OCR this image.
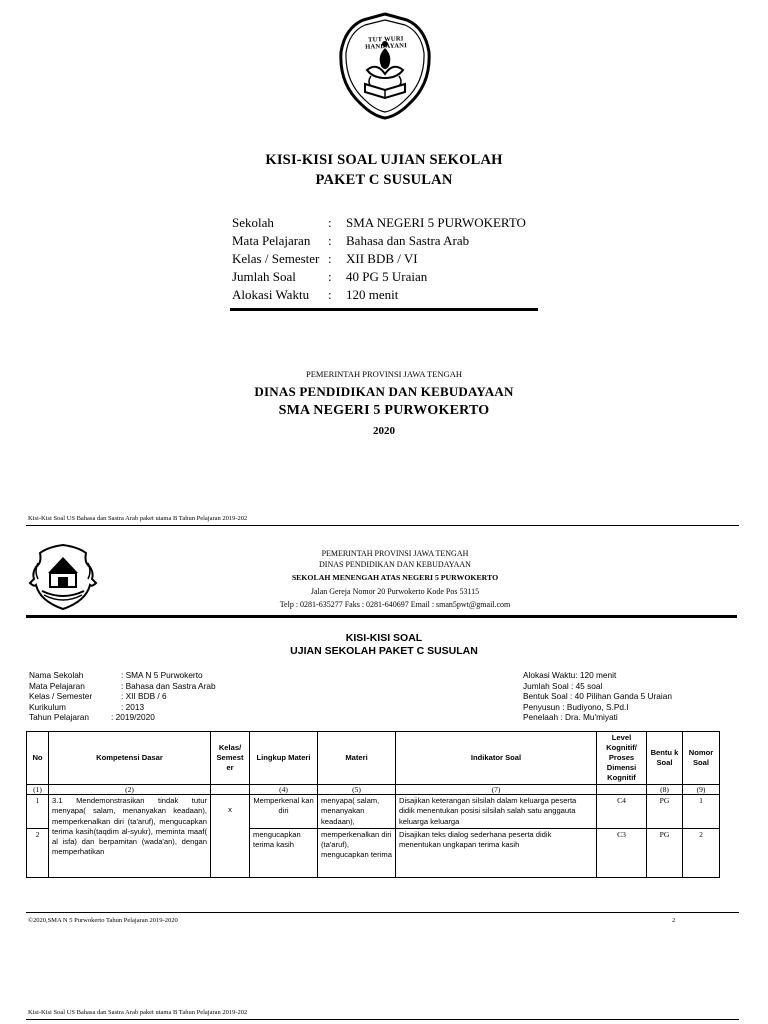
TUT WURI HANDAYANI
KISI-KISI SOAL UJIAN SEKOLAH
PAKET C SUSULAN
Sekolah	: SMA NEGERI 5 PURWOKERTO
Mata Pelajaran : Bahasa dan Sastra Arab
Kelas / Semester : XII BDB / VI
Jumlah Soal : 40 PG 5 Uraian
Alokasi Waktu : 120 menit
PEMERINTAH PROVINSI JAWA TENGAH
DINAS PENDIDIKAN DAN KEBUDAYAAN
SMA NEGERI 5 PURWOKERTO
2020
Kisi-Kisi Soal US Bahasa dan Sastra Arab paket utama B Tahun Pelajaran 2019-202
PEMERINTAH PROVINSI JAWA TENGAH
DINAS PENDIDIKAN DAN KEBUDAYAAN
SEKOLAH MENENGAH ATAS NEGERI 5 PURWOKERTO
Jalan Gereja Nomor 20 Purwokerto Kode Pos 53115
Telp : 0281-635277 Faks : 0281-640697 Email : sman5pwt@gmail.com
KISI-KISI SOAL
UJIAN SEKOLAH PAKET C SUSULAN
Nama Sekolah	: SMA N 5 Purwokerto
Mata Pelajaran	: Bahasa dan Sastra Arab
Kelas / Semester	: XII BDB / 6
Kurikulum	: 2013
Tahun Pelajaran	: 2019/2020
Alokasi Waktu: 120 menit
Jumlah Soal : 45 soal
Bentuk Soal : 40 Pilihan Ganda 5 Uraian
Penyusun : Budiyono, S.Pd.I
Penelaah : Dra. Mu'miyati
No	Kompetensi Dasar	Kelas/ Semest er	Lingkup Materi	Materi	Indikator Soal	Level Kognitif/ Proses Dimensi Kognitif	Bentu k Soal	Nomor Soal
(1)	(2)		(4)	(5)	(7)		(8)	(9)
1	3.1 Mendemonstrasikan tindak tutur menyapa( salam, menanyakan keadaan), memperkenalkan diri (ta'aruf), mengucapkan terima kasih(taqdim al-syukr), meminta maaf( al isfa) dan berpamitan (wada'an), dengan memperhatikan	x	Memperkenal kan diri	menyapa( salam, menanyakan keadaan),	Disajikan keterangan silsilah dalam keluarga peserta didik menentukan posisi silsilah salah satu anggauta keluarga keluarga	C4	PG	1
2			mengucapkan terima kasih	memperkenalkan diri (ta'aruf), mengucapkan terima	Disajikan teks dialog sederhana peserta didik menentukan ungkapan terima kasih	C3	PG	2
©2020,SMA N 5 Purwokerto Tahun Pelajaran 2019-2020	2
Kisi-Kisi Soal US Bahasa dan Sastra Arab paket utama B Tahun Pelajaran 2019-202
